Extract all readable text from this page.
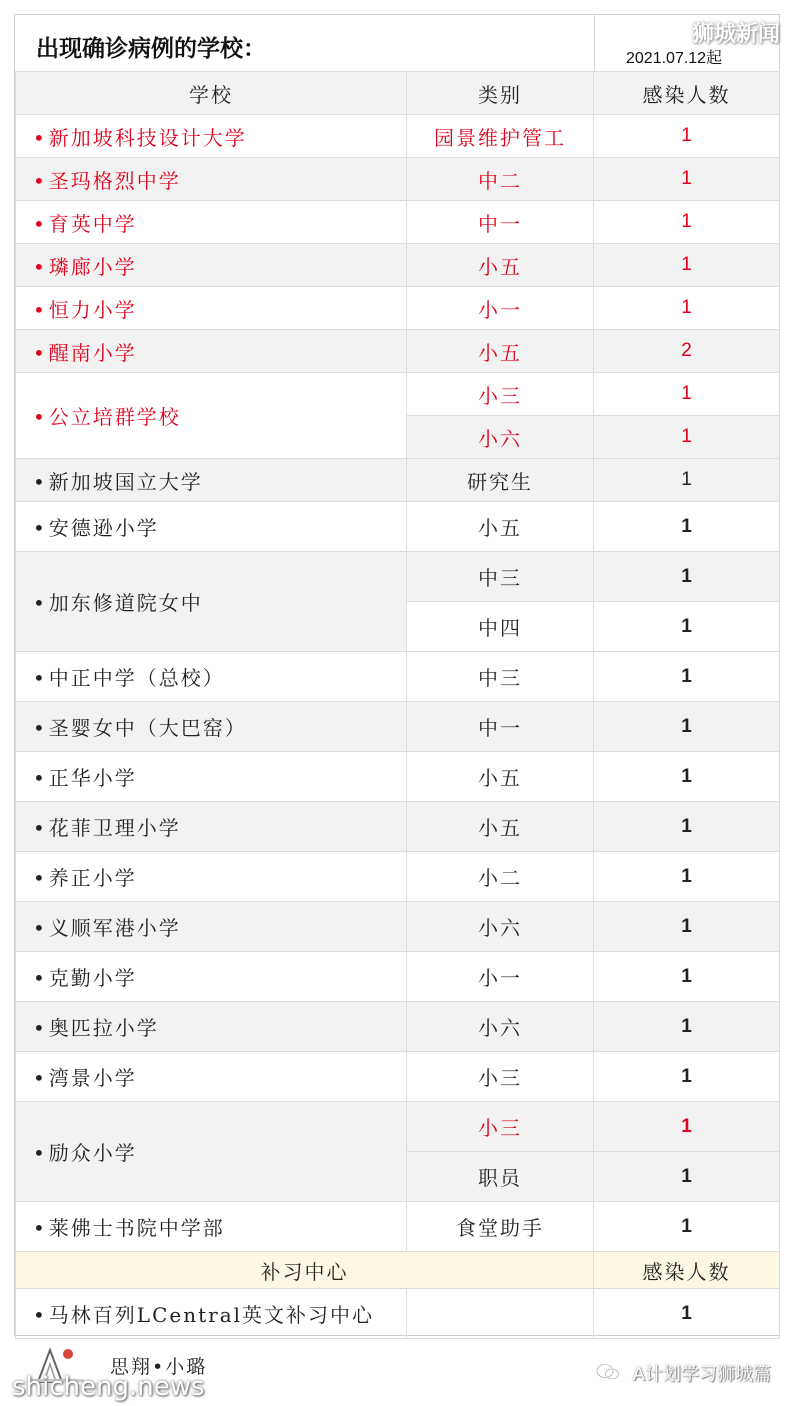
出现确诊病例的学校：	2021.07.12起
狮城新闻
学校	类别	感染人数
• 新加坡科技设计大学	园景维护管工	1
• 圣玛格烈中学	中二	1
• 育英中学	中一	1
• 璘廊小学	小五	1
• 恒力小学	小一	1
• 醒南小学	小五	2
• 公立培群学校	小三	1
	小六	1
• 新加坡国立大学	研究生	1
• 安德逊小学	小五	1
• 加东修道院女中	中三	1
	中四	1
• 中正中学（总校）	中三	1
• 圣婴女中（大巴窑）	中一	1
• 正华小学	小五	1
• 花菲卫理小学	小五	1
• 养正小学	小二	1
• 义顺军港小学	小六	1
• 克勤小学	小一	1
• 奥匹拉小学	小六	1
• 湾景小学	小三	1
• 励众小学	小三	1
	职员	1
• 莱佛士书院中学部	食堂助手	1
补习中心		感染人数
• 马林百列LCentral英文补习中心		1
思翔•小璐
shicheng.news	A计划学习狮城篇
